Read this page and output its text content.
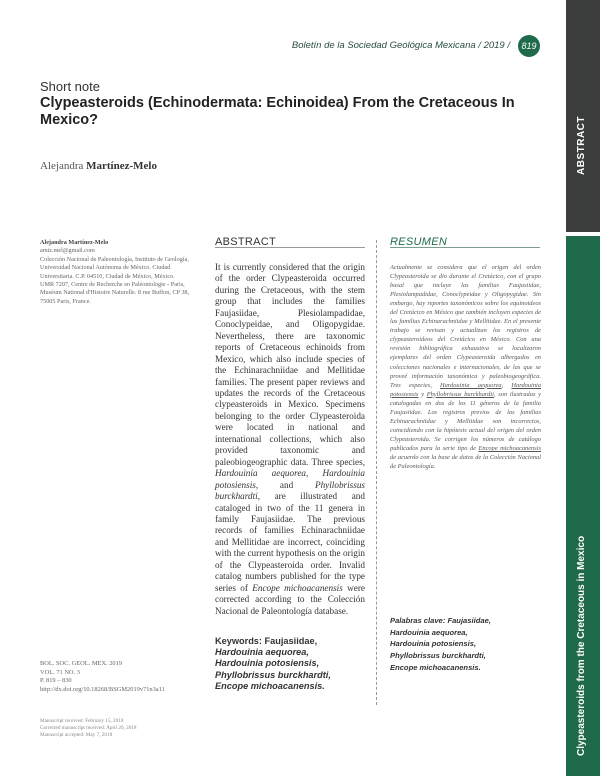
ABSTRACT
Clypeasteroids from the Cretaceous in Mexico
Boletín de la Sociedad Geológica Mexicana / 2019 /	819
Short note
Clypeasteroids (Echinodermata: Echinoidea) From the Cretaceous In Mexico?
Alejandra Martínez-Melo
Alejandra Martínez-Melo
amtz.mel@gmail.com
Colección Nacional de Paleontología, Instituto de Geología, Universidad Nacional Autónoma de México. Ciudad Universitaria. C.P. 04510, Ciudad de México, México.
UMR 7207, Centre de Recherche en Paléontologie - Paris, Muséum National d'Histoire Naturelle. 8 rue Buffon, CP 38, 75005 Paris, France.
BOL. SOC. GEOL. MEX. 2019
VOL. 71 NO. 3
P. 819 ‒ 830
http://dx.doi.org/10.18268/BSGM2019v71n3a11
Manuscript received: February 15, 2018
Corrected manuscript received: April 26, 2018
Manuscript accepted: May 7, 2018
ABSTRACT
It is currently considered that the origin of the order Clypeasteroida occurred during the Cretaceous, with the stem group that includes the families Faujasiidae, Plesiolampadidae, Conoclypeidae, and Oligopygidae. Nevertheless, there are taxonomic reports of Cretaceous echinoids from Mexico, which also include species of the Echinarachniidae and Mellitidae families. The present paper reviews and updates the records of the Cretaceous clypeasteroids in Mexico. Specimens belonging to the order Clypeasteroida were located in national and international collections, which also provided taxonomic and paleobiogeographic data. Three species, Hardouinia aequorea, Hardouinia potosiensis, and Phyllobrissus burckhardti, are illustrated and cataloged in two of the 11 genera in family Faujasiidae. The previous records of families Echinarachniidae and Mellitidae are incorrect, coinciding with the current hypothesis on the origin of the Clypeasteroida order. Invalid catalog numbers published for the type series of Encope michoacanensis were corrected according to the Colección Nacional de Paleontología database.
Keywords: Faujasiidae,
Hardouinia aequorea,
Hardouinia potosiensis,
Phyllobrissus burckhardti,
Encope michoacanensis.
RESUMEN
Actualmente se considera que el origen del orden Clypeasteroida se dio durante el Cretácico, con el grupo basal que incluye las familias Faujasiidae, Plesiolampadidae, Conoclypeidae y Oligopygidae. Sin embargo, hay reportes taxonómicos sobre los equinoideos del Cretácico en México que también incluyen especies de las familias Echinarachniidae y Mellitidae. En el presente trabajo se revisan y actualizan los registros de clypeasteroideos del Cretácico en México. Con una revisión bibliográfica exhaustiva se localizaron ejemplares del orden Clypeasteroida albergados en colecciones nacionales e internacionales, de las que se proveé información taxonómica y paleobiogeográfica. Tres especies, Hardouinia aequorea, Hardouinia potosiensis y Phyllobrissus burckhardti, son ilustradas y catalogadas en dos de los 11 géneros de la familia Faujasiidae. Los registros previos de las familias Echinarachniidae y Mellitidae son incorrectos, coincidiendo con la hipótesis actual del origen del orden Clypeasteroida. Se corrigen los números de catálogo publicados para la serie tipo de Encope michoacanensis de acuerdo con la base de datos de la Colección Nacional de Paleontología.
Palabras clave: Faujasiidae,
Hardouinia aequorea,
Hardouinia potosiensis,
Phyllobrissus burckhardti,
Encope michoacanensis.
